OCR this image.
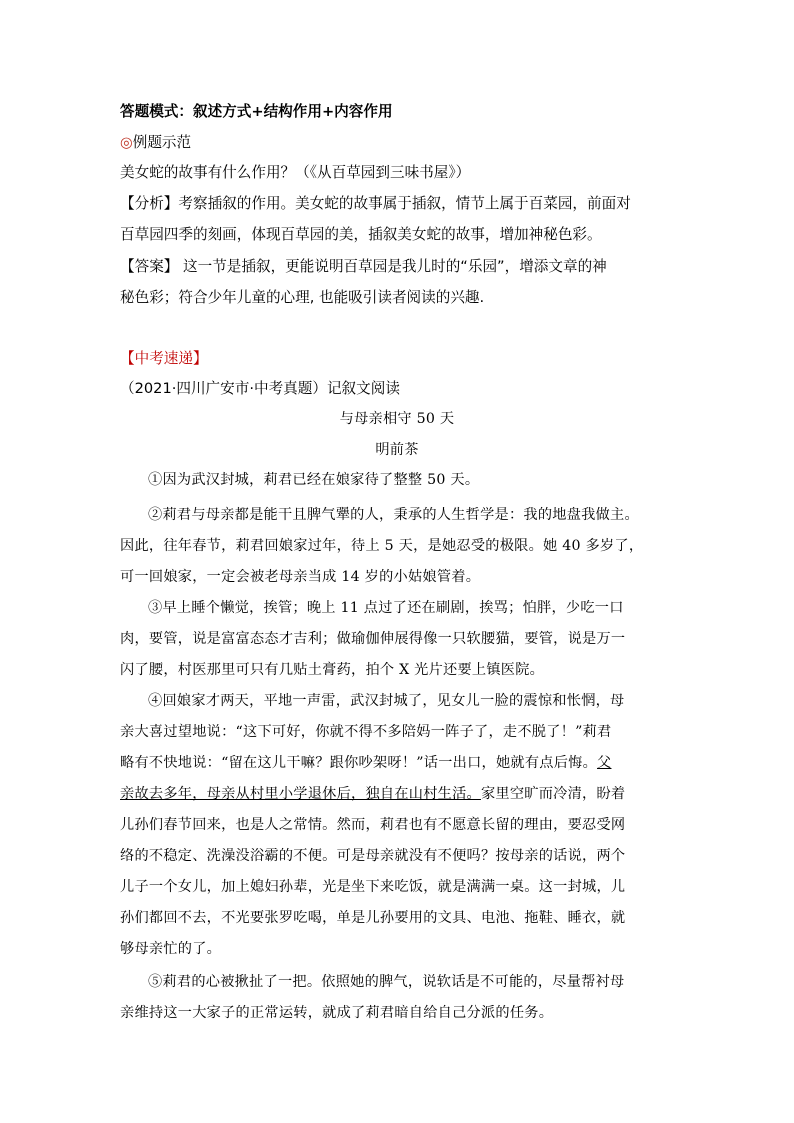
答题模式：叙述方式+结构作用+内容作用
◎例题示范
美女蛇的故事有什么作用？（《从百草园到三味书屋》）
【分析】考察插叙的作用。美女蛇的故事属于插叙，情节上属于百菜园，前面对
百草园四季的刻画，体现百草园的美，插叙美女蛇的故事，增加神秘色彩。
【答案】 这一节是插叙，更能说明百草园是我儿时的“乐园”，增添文章的神
秘色彩；符合少年儿童的心理, 也能吸引读者阅读的兴趣.
【中考速递】
（2021·四川广安市·中考真题）记叙文阅读
与母亲相守 50 天
明前茶
①因为武汉封城，莉君已经在娘家待了整整 50 天。
②莉君与母亲都是能干且脾气犟的人，秉承的人生哲学是：我的地盘我做主。
因此，往年春节，莉君回娘家过年，待上 5 天，是她忍受的极限。她 40 多岁了，
可一回娘家，一定会被老母亲当成 14 岁的小姑娘管着。
③早上睡个懒觉，挨管；晚上 11 点过了还在刷剧，挨骂；怕胖，少吃一口
肉，要管，说是富富态态才吉利；做瑜伽伸展得像一只软腰猫，要管，说是万一
闪了腰，村医那里可只有几贴土膏药，拍个 X 光片还要上镇医院。
④回娘家才两天，平地一声雷，武汉封城了，见女儿一脸的震惊和怅惘，母
亲大喜过望地说：“这下可好，你就不得不多陪妈一阵子了，走不脱了！”莉君
略有不快地说：“留在这儿干嘛？跟你吵架呀！”话一出口，她就有点后悔。父
亲故去多年，母亲从村里小学退休后，独自在山村生活。家里空旷而冷清，盼着
儿孙们春节回来，也是人之常情。然而，莉君也有不愿意长留的理由，要忍受网
络的不稳定、洗澡没浴霸的不便。可是母亲就没有不便吗？按母亲的话说，两个
儿子一个女儿，加上媳妇孙辈，光是坐下来吃饭，就是满满一桌。这一封城，儿
孙们都回不去，不光要张罗吃喝，单是儿孙要用的文具、电池、拖鞋、睡衣，就
够母亲忙的了。
⑤莉君的心被揪扯了一把。依照她的脾气，说软话是不可能的，尽量帮衬母
亲维持这一大家子的正常运转，就成了莉君暗自给自己分派的任务。
